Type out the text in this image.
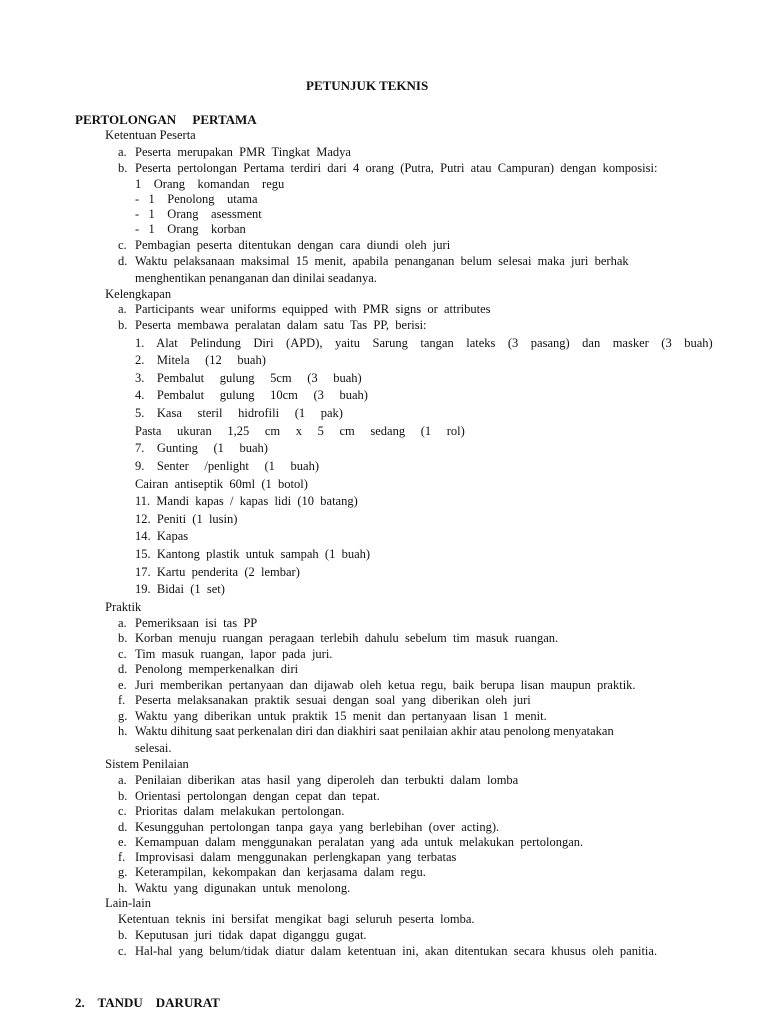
PETUNJUK TEKNIS
PERTOLONGAN     PERTAMA
Ketentuan Peserta
a. Peserta  merupakan  PMR  Tingkat  Madya
b. Peserta  pertolongan  Pertama  terdiri  dari  4  orang  (Putra,  Putri  atau  Campuran)  dengan  komposisi:
1    Orang    komandan    regu
-   1    Penolong    utama
-   1    Orang    asessment
-   1    Orang    korban
c. Pembagian  peserta  ditentukan  dengan  cara  diundi  oleh  juri
d. Waktu  pelaksanaan  maksimal  15  menit,  apabila  penanganan  belum  selesai  maka  juri  berhak
menghentikan penanganan dan dinilai seadanya.
Kelengkapan
a. Participants  wear  uniforms  equipped  with  PMR  signs  or  attributes
b. Peserta  membawa  peralatan  dalam  satu  Tas  PP,  berisi:
1.    Alat    Pelindung    Diri    (APD),    yaitu    Sarung    tangan    lateks    (3    pasang)    dan    masker    (3    buah)
2.    Mitela     (12     buah)
3.    Pembalut     gulung     5cm     (3     buah)
4.    Pembalut     gulung     10cm     (3     buah)
5.    Kasa     steril     hidrofili     (1     pak)
Pasta     ukuran     1,25     cm     x     5     cm     sedang     (1     rol)
7.    Gunting     (1     buah)
9.    Senter     /penlight     (1     buah)
Cairan  antiseptik  60ml  (1  botol)
11.  Mandi  kapas  /  kapas  lidi  (10  batang)
12.  Peniti  (1  lusin)
14.  Kapas
15.  Kantong  plastik  untuk  sampah  (1  buah)
17.  Kartu  penderita  (2  lembar)
19.  Bidai  (1  set)
Praktik
a. Pemeriksaan  isi  tas  PP
b. Korban  menuju  ruangan  peragaan  terlebih  dahulu  sebelum  tim  masuk  ruangan.
c. Tim  masuk  ruangan,  lapor  pada  juri.
d. Penolong  memperkenalkan  diri
e. Juri  memberikan  pertanyaan  dan  dijawab  oleh  ketua  regu,  baik  berupa  lisan  maupun  praktik.
f. Peserta  melaksanakan  praktik  sesuai  dengan  soal  yang  diberikan  oleh  juri
g. Waktu  yang  diberikan  untuk  praktik  15  menit  dan  pertanyaan  lisan  1  menit.
h. Waktu dihitung saat perkenalan diri dan diakhiri saat penilaian akhir atau penolong menyatakan
selesai.
Sistem Penilaian
a. Penilaian  diberikan  atas  hasil  yang  diperoleh  dan  terbukti  dalam  lomba
b. Orientasi  pertolongan  dengan  cepat  dan  tepat.
c. Prioritas  dalam  melakukan  pertolongan.
d. Kesungguhan  pertolongan  tanpa  gaya  yang  berlebihan  (over  acting).
e. Kemampuan  dalam  menggunakan  peralatan  yang  ada  untuk  melakukan  pertolongan.
f. Improvisasi  dalam  menggunakan  perlengkapan  yang  terbatas
g. Keterampilan,  kekompakan  dan  kerjasama  dalam  regu.
h. Waktu  yang  digunakan  untuk  menolong.
Lain-lain
Ketentuan  teknis  ini  bersifat  mengikat  bagi  seluruh  peserta  lomba.
b. Keputusan  juri  tidak  dapat  diganggu  gugat.
c. Hal-hal  yang  belum/tidak  diatur  dalam  ketentuan  ini,  akan  ditentukan  secara  khusus  oleh  panitia.
2.    TANDU    DARURAT
